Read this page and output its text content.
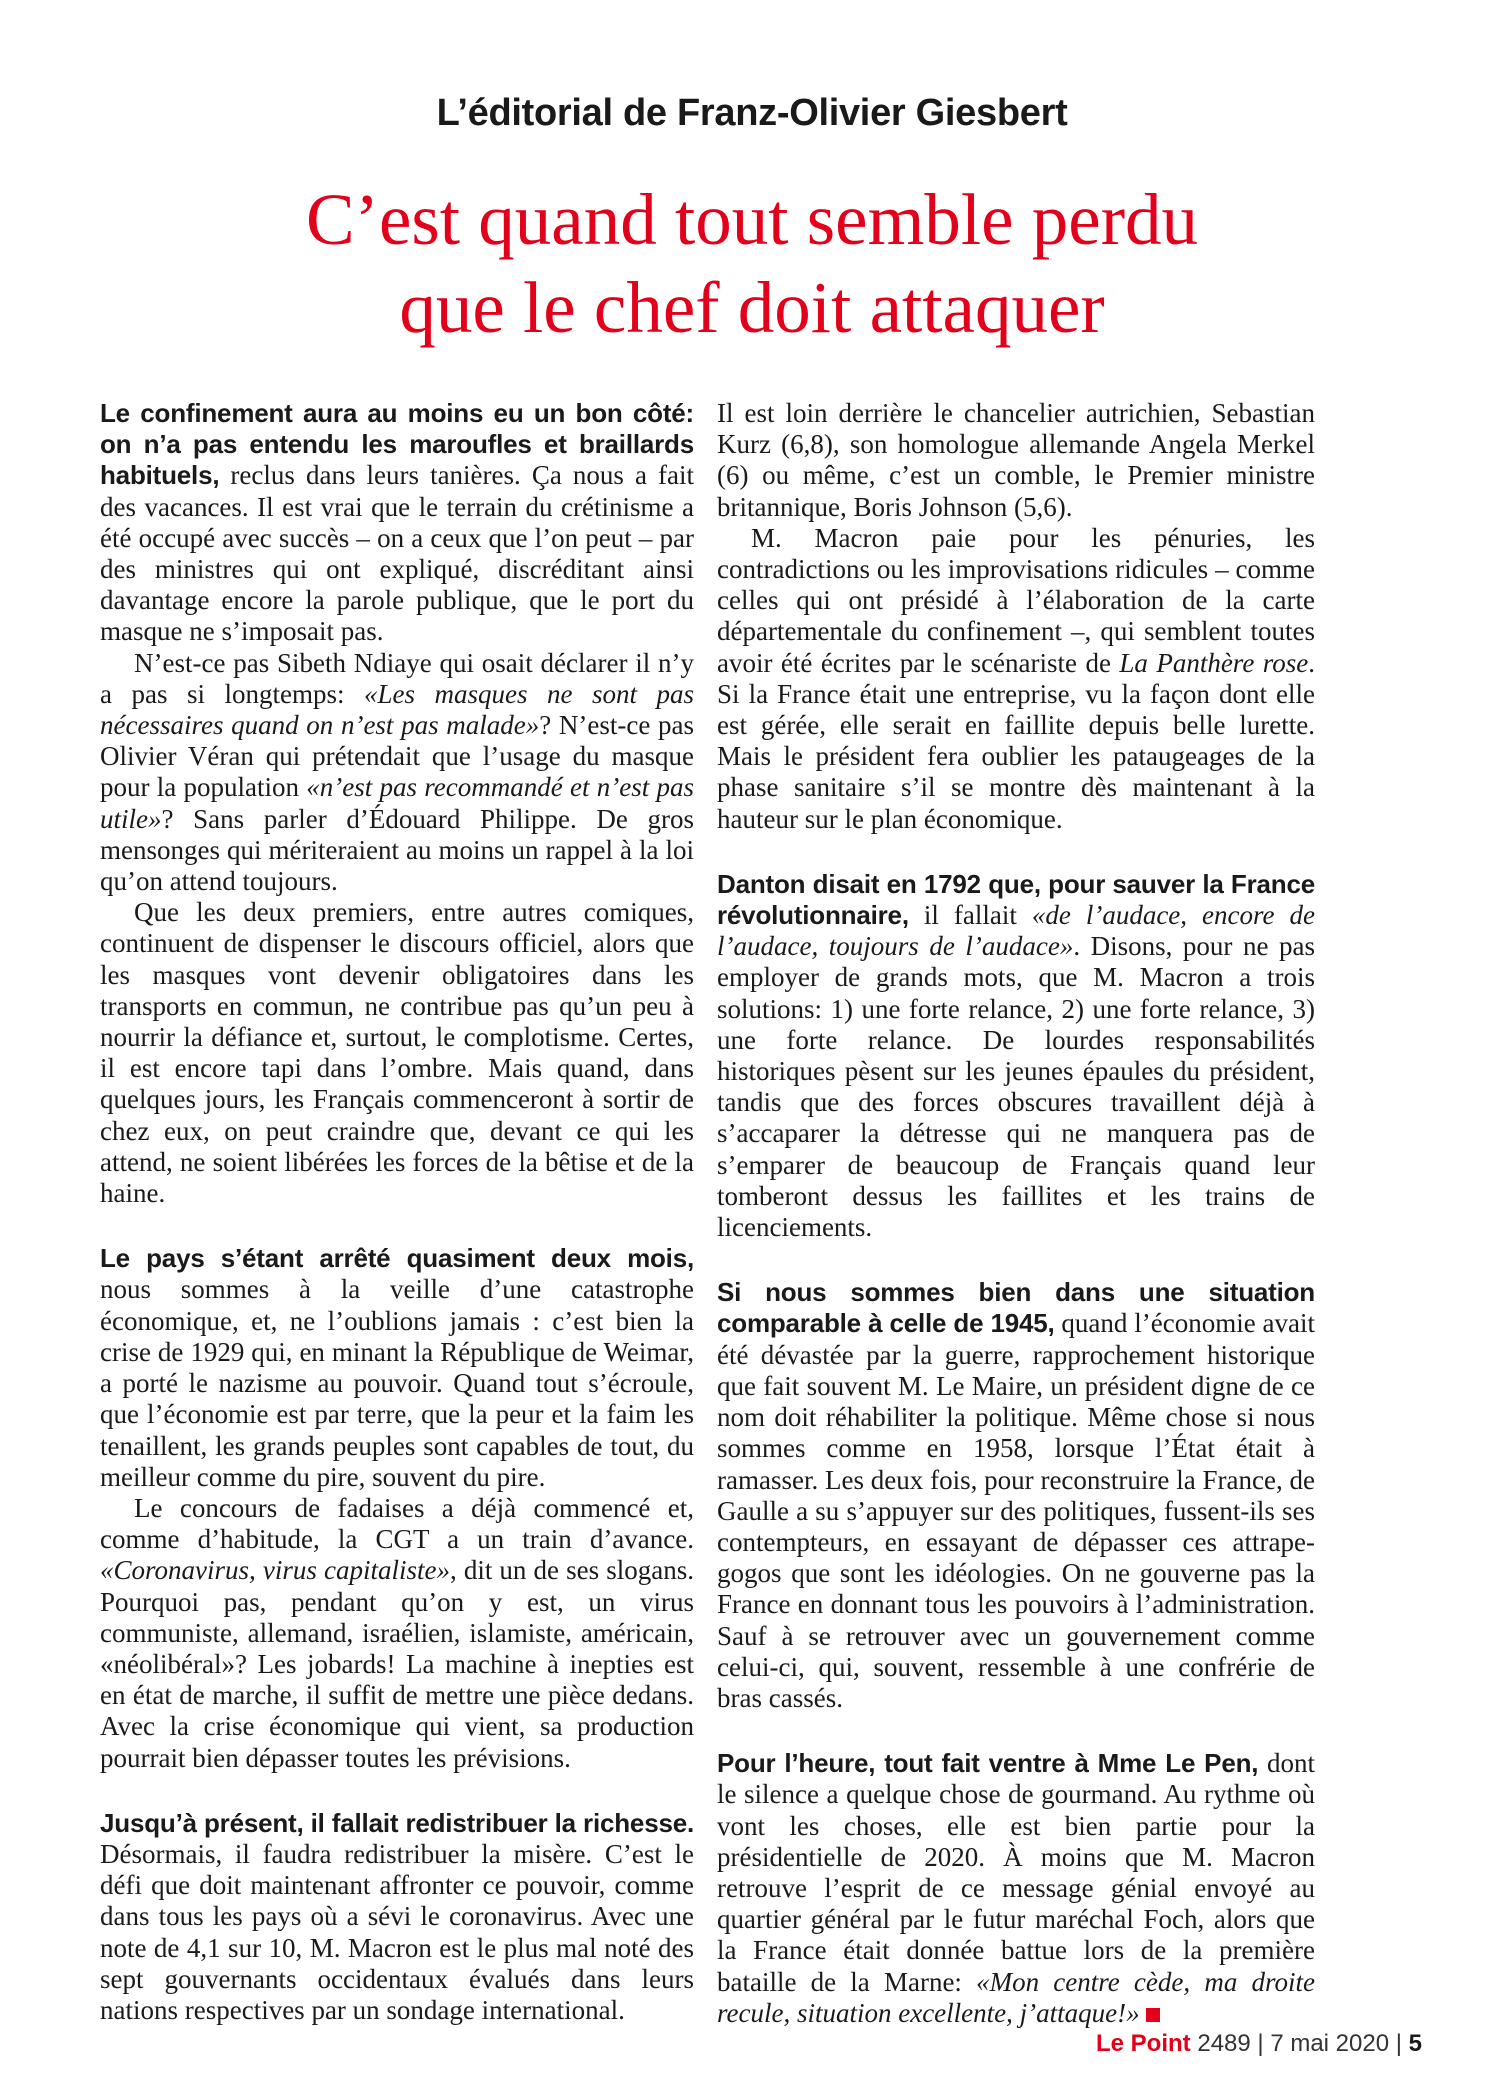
L’éditorial de Franz-Olivier Giesbert
C’est quand tout semble perdu
que le chef doit attaquer

Le confinement aura au moins eu un bon côté: on n’a pas entendu les maroufles et braillards habituels, reclus dans leurs tanières. Ça nous a fait des vacances. Il est vrai que le terrain du crétinisme a été occupé avec succès – on a ceux que l’on peut – par des ministres qui ont expliqué, discréditant ainsi davantage encore la parole publique, que le port du masque ne s’imposait pas.

N’est-ce pas Sibeth Ndiaye qui osait déclarer il n’y a pas si longtemps: «Les masques ne sont pas nécessaires quand on n’est pas malade»? N’est-ce pas Olivier Véran qui prétendait que l’usage du masque pour la population «n’est pas recommandé et n’est pas utile»? Sans parler d’Édouard Philippe. De gros mensonges qui mériteraient au moins un rappel à la loi qu’on attend toujours.

Que les deux premiers, entre autres comiques, continuent de dispenser le discours officiel, alors que les masques vont devenir obligatoires dans les transports en commun, ne contribue pas qu’un peu à nourrir la défiance et, surtout, le complotisme. Certes, il est encore tapi dans l’ombre. Mais quand, dans quelques jours, les Français commenceront à sortir de chez eux, on peut craindre que, devant ce qui les attend, ne soient libérées les forces de la bêtise et de la haine.

Le pays s’étant arrêté quasiment deux mois, nous sommes à la veille d’une catastrophe économique, et, ne l’oublions jamais : c’est bien la crise de 1929 qui, en minant la République de Weimar, a porté le nazisme au pouvoir. Quand tout s’écroule, que l’économie est par terre, que la peur et la faim les tenaillent, les grands peuples sont capables de tout, du meilleur comme du pire, souvent du pire.

Le concours de fadaises a déjà commencé et, comme d’habitude, la CGT a un train d’avance. «Coronavirus, virus capitaliste», dit un de ses slogans. Pourquoi pas, pendant qu’on y est, un virus communiste, allemand, israélien, islamiste, américain, «néolibéral»? Les jobards! La machine à inepties est en état de marche, il suffit de mettre une pièce dedans. Avec la crise économique qui vient, sa production pourrait bien dépasser toutes les prévisions.

Jusqu’à présent, il fallait redistribuer la richesse. Désormais, il faudra redistribuer la misère. C’est le défi que doit maintenant affronter ce pouvoir, comme dans tous les pays où a sévi le coronavirus. Avec une note de 4,1 sur 10, M. Macron est le plus mal noté des sept gouvernants occidentaux évalués dans leurs nations respectives par un sondage international.

Il est loin derrière le chancelier autrichien, Sebastian Kurz (6,8), son homologue allemande Angela Merkel (6) ou même, c’est un comble, le Premier ministre britannique, Boris Johnson (5,6).

M. Macron paie pour les pénuries, les contradictions ou les improvisations ridicules – comme celles qui ont présidé à l’élaboration de la carte départementale du confinement –, qui semblent toutes avoir été écrites par le scénariste de La Panthère rose. Si la France était une entreprise, vu la façon dont elle est gérée, elle serait en faillite depuis belle lurette. Mais le président fera oublier les pataugeages de la phase sanitaire s’il se montre dès maintenant à la hauteur sur le plan économique.

Danton disait en 1792 que, pour sauver la France révolutionnaire, il fallait «de l’audace, encore de l’audace, toujours de l’audace». Disons, pour ne pas employer de grands mots, que M. Macron a trois solutions: 1) une forte relance, 2) une forte relance, 3) une forte relance. De lourdes responsabilités historiques pèsent sur les jeunes épaules du président, tandis que des forces obscures travaillent déjà à s’accaparer la détresse qui ne manquera pas de s’emparer de beaucoup de Français quand leur tomberont dessus les faillites et les trains de licenciements.

Si nous sommes bien dans une situation comparable à celle de 1945, quand l’économie avait été dévastée par la guerre, rapprochement historique que fait souvent M. Le Maire, un président digne de ce nom doit réhabiliter la politique. Même chose si nous sommes comme en 1958, lorsque l’État était à ramasser. Les deux fois, pour reconstruire la France, de Gaulle a su s’appuyer sur des politiques, fussent-ils ses contempteurs, en essayant de dépasser ces attrape-gogos que sont les idéologies. On ne gouverne pas la France en donnant tous les pouvoirs à l’administration. Sauf à se retrouver avec un gouvernement comme celui-ci, qui, souvent, ressemble à une confrérie de bras cassés.

Pour l’heure, tout fait ventre à Mme Le Pen, dont le silence a quelque chose de gourmand. Au rythme où vont les choses, elle est bien partie pour la présidentielle de 2020. À moins que M. Macron retrouve l’esprit de ce message génial envoyé au quartier général par le futur maréchal Foch, alors que la France était donnée battue lors de la première bataille de la Marne: «Mon centre cède, ma droite recule, situation excellente, j’attaque!»

Le Point 2489 | 7 mai 2020 | 5
